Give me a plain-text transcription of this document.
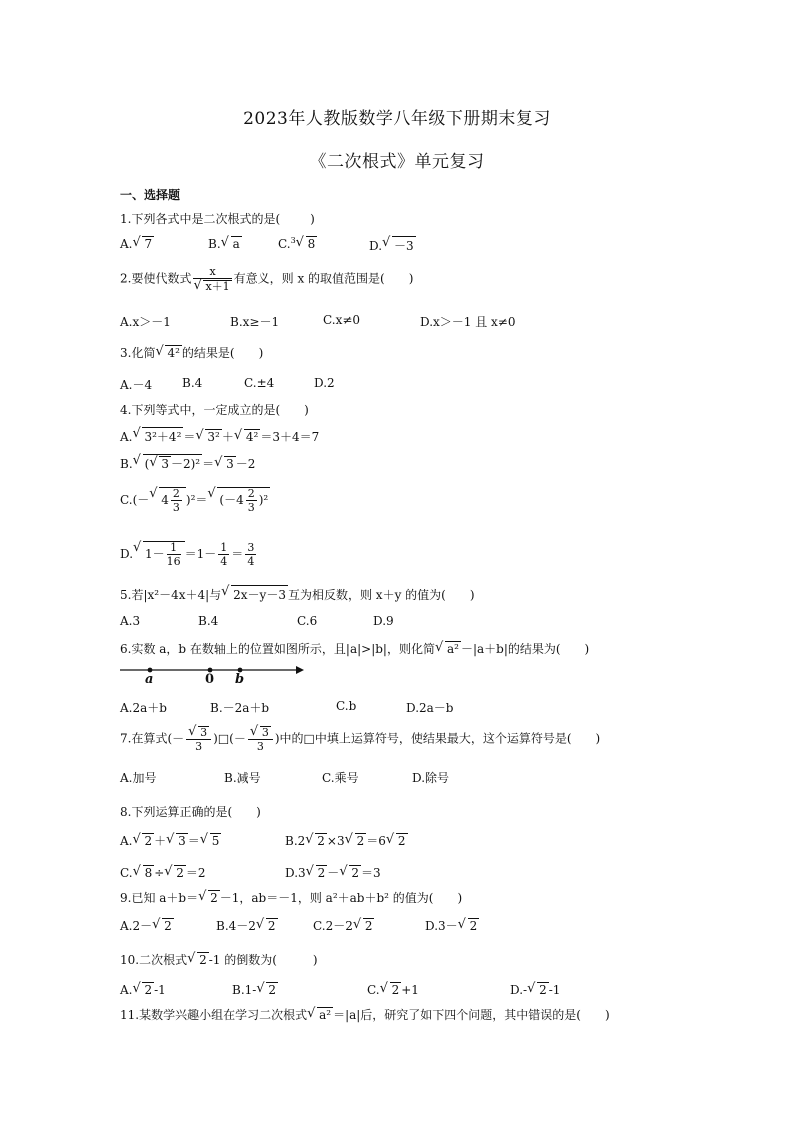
2023年人教版数学八年级下册期末复习
《二次根式》单元复习
一、选择题
1.下列各式中是二次根式的是(	)
A.√ 7	B.√ a	C.$^3$√ 8	D.√ －3
2.要使代数式 x
√ x＋1 有意义，则 x 的取值范围是(　　)
A.x＞－1	B.x≥－1	C.x≠0	D.x＞－1 且 x≠0
3.化简√ 4² 的结果是(　　)
A.－4 B.4	C.±4	D.2
4.下列等式中，一定成立的是(　　)
A.√ 3²＋4² ＝√ 3² ＋√ 4² ＝3＋4＝7
B.√ (√ 3 －2)² ＝√ 3 －2
C.(－√ $4 \frac{2}{3} )^2=√$ $(-4 \frac{2}{3} )^2$
D.√ $1- \frac{1}{16} =1- \frac{1}{4} = \frac{3}{4}$
5.若|x²－4x＋4|与√ 2x－y－3 互为相反数，则 x＋y 的值为(　　)
A.3	B.4	C.6	D.9
6.实数 a，b 在数轴上的位置如图所示，且|a|>|b|，则化简√ a² －|a＋b|的结果为(　　)
a	0 b
A.2a＋b	B.－2a＋b	C.b	D.2a－b
7.在算式(－
√ $\frac{3}{3}$ )□(－
√ $\frac{3}{3}$ )中的□中填上运算符号，使结果最大，这个运算符号是(　　)
A.加号	B.减号	C.乘号	D.除号
8.下列运算正确的是(　　)
A.√ 2 ＋√ 3 ＝√ 5	B.2√ 2 ×3√ 2 ＝6√ 2
C.√ 8 ÷√ 2 ＝2	D.3√ 2 －√ 2 ＝3
9.已知 a＋b＝√ 2 －1，ab＝－1，则 a²＋ab＋b² 的值为(　　)
A.2－√ 2	B.4－2√ 2	C.2－2√ 2	D.3－√ 2
10.二次根式√ 2 -1 的倒数为(　　　)
A.√ 2 -1	B.1-√ 2	C.√ 2 +1	D.-√ 2 -1
11.某数学兴趣小组在学习二次根式√ a² ＝|a|后，研究了如下四个问题，其中错误的是(　　)
